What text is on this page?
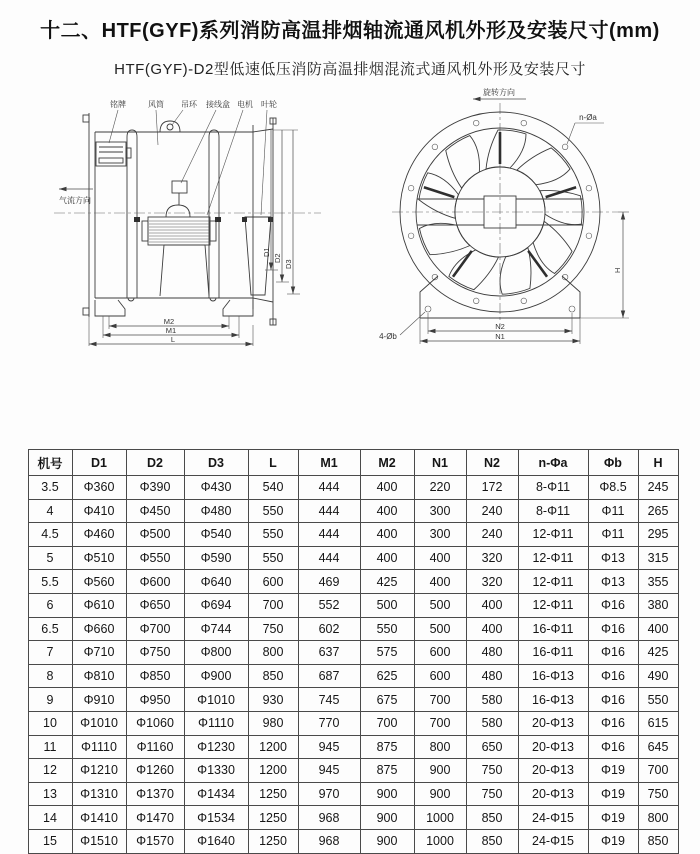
十二、HTF(GYF)系列消防高温排烟轴流通风机外形及安装尺寸(mm)
HTF(GYF)-D2型低速低压消防高温排烟混流式通风机外形及安装尺寸
铭牌	风筒 吊环 接线盒 电机 叶轮
气流方向
D1
D2
D3
M2
M1
L
旋转方向
n-Øa
4-Øb
N2
N1
H
机号	D1	D2	D3	L	M1	M2	N1	N2	n-Φa	Φb	H
3.5	Φ360	Φ390	Φ430	540	444	400	220	172	8-Φ11	Φ8.5	245
4	Φ410	Φ450	Φ480	550	444	400	300	240	8-Φ11	Φ11	265
4.5	Φ460	Φ500	Φ540	550	444	400	300	240	12-Φ11	Φ11	295
5	Φ510	Φ550	Φ590	550	444	400	400	320	12-Φ11	Φ13	315
5.5	Φ560	Φ600	Φ640	600	469	425	400	320	12-Φ11	Φ13	355
6	Φ610	Φ650	Φ694	700	552	500	500	400	12-Φ11	Φ16	380
6.5	Φ660	Φ700	Φ744	750	602	550	500	400	16-Φ11	Φ16	400
7	Φ710	Φ750	Φ800	800	637	575	600	480	16-Φ11	Φ16	425
8	Φ810	Φ850	Φ900	850	687	625	600	480	16-Φ13	Φ16	490
9	Φ910	Φ950	Φ1010	930	745	675	700	580	16-Φ13	Φ16	550
10	Φ1010	Φ1060	Φ1110	980	770	700	700	580	20-Φ13	Φ16	615
11	Φ1110	Φ1160	Φ1230	1200	945	875	800	650	20-Φ13	Φ16	645
12	Φ1210	Φ1260	Φ1330	1200	945	875	900	750	20-Φ13	Φ19	700
13	Φ1310	Φ1370	Φ1434	1250	970	900	900	750	20-Φ13	Φ19	750
14	Φ1410	Φ1470	Φ1534	1250	968	900	1000	850	24-Φ15	Φ19	800
15	Φ1510	Φ1570	Φ1640	1250	968	900	1000	850	24-Φ15	Φ19	850
